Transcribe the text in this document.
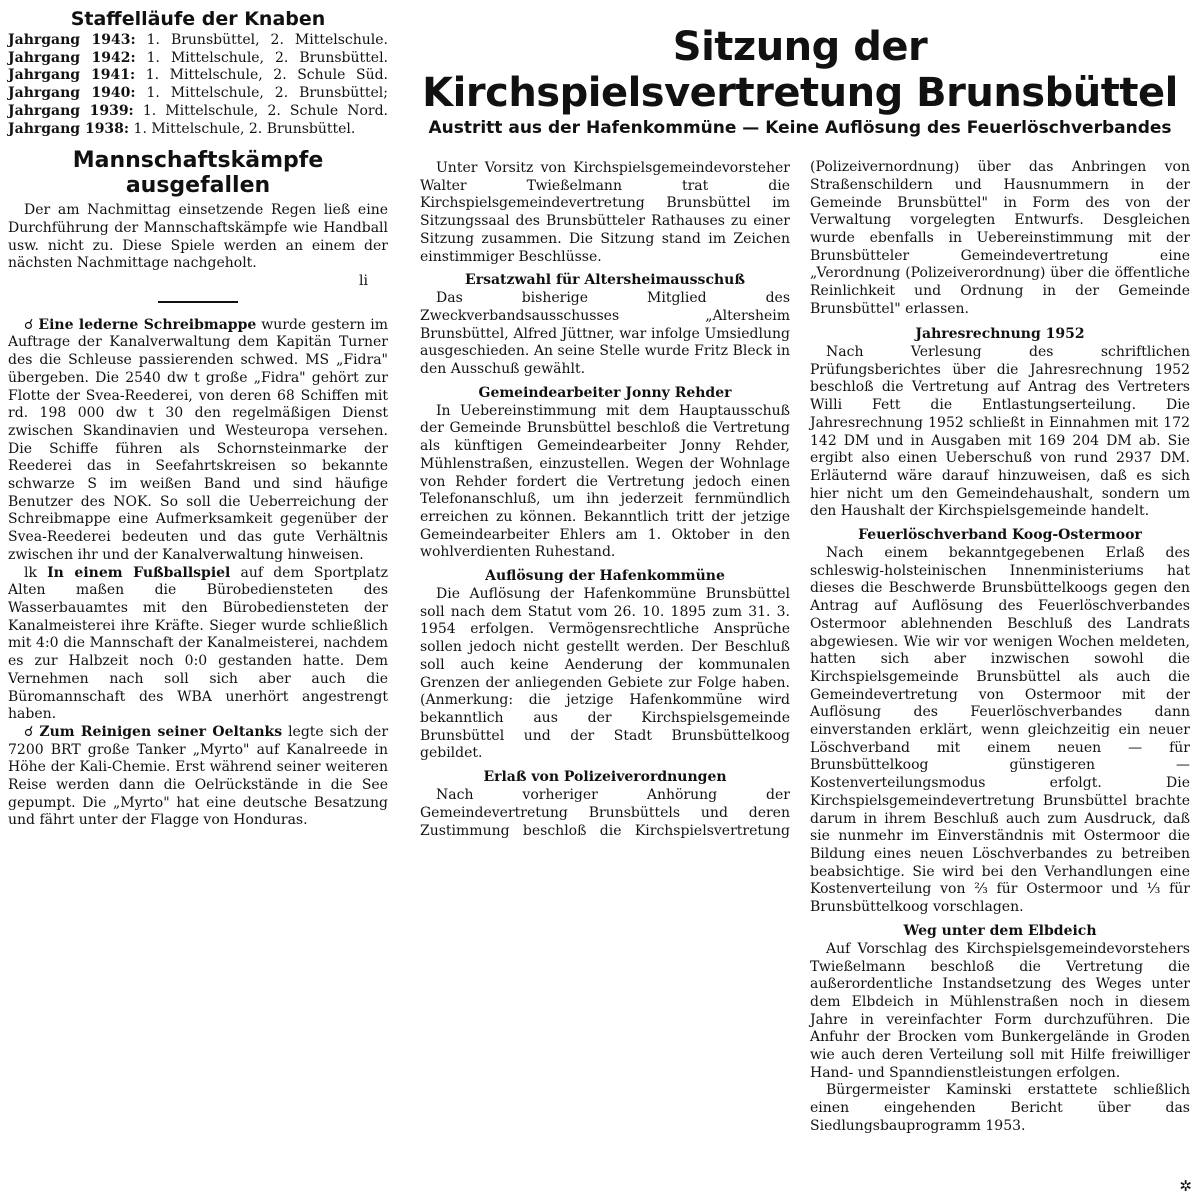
Staffelläufe der Knaben

Jahrgang 1943: 1. Brunsbüttel, 2. Mittelschule. Jahrgang 1942: 1. Mittelschule, 2. Brunsbüttel. Jahrgang 1941: 1. Mittelschule, 2. Schule Süd. Jahrgang 1940: 1. Mittelschule, 2. Brunsbüttel; Jahrgang 1939: 1. Mittelschule, 2. Schule Nord. Jahrgang 1938: 1. Mittelschule, 2. Brunsbüttel.

Mannschaftskämpfe ausgefallen

Der am Nachmittag einsetzende Regen ließ eine Durchführung der Mannschaftskämpfe wie Handball usw. nicht zu. Diese Spiele werden an einem der nächsten Nachmittage nachgeholt.

li

☌ Eine lederne Schreibmappe wurde gestern im Auftrage der Kanalverwaltung dem Kapitän Turner des die Schleuse passierenden schwed. MS „Fidra" übergeben. Die 2540 dw t große „Fidra" gehört zur Flotte der Svea-Reederei, von deren 68 Schiffen mit rd. 198 000 dw t 30 den regelmäßigen Dienst zwischen Skandinavien und Westeuropa versehen. Die Schiffe führen als Schornsteinmarke der Reederei das in Seefahrtskreisen so bekannte schwarze S im weißen Band und sind häufige Benutzer des NOK. So soll die Ueberreichung der Schreibmappe eine Aufmerksamkeit gegenüber der Svea-Reederei bedeuten und das gute Verhältnis zwischen ihr und der Kanalverwaltung hinweisen.

lk In einem Fußballspiel auf dem Sportplatz Alten maßen die Bürobediensteten des Wasserbauamtes mit den Bürobediensteten der Kanalmeisterei ihre Kräfte. Sieger wurde schließlich mit 4:0 die Mannschaft der Kanalmeisterei, nachdem es zur Halbzeit noch 0:0 gestanden hatte. Dem Vernehmen nach soll sich aber auch die Büromannschaft des WBA unerhört angestrengt haben.

☌ Zum Reinigen seiner Oeltanks legte sich der 7200 BRT große Tanker „Myrto" auf Kanalreede in Höhe der Kali-Chemie. Erst während seiner weiteren Reise werden dann die Oelrückstände in die See gepumpt. Die „Myrto" hat eine deutsche Besatzung und fährt unter der Flagge von Honduras.

Sitzung der
Kirchspielsvertretung Brunsbüttel
Austritt aus der Hafenkommüne — Keine Auflösung des Feuerlöschverbandes

Unter Vorsitz von Kirchspielsgemeindevorsteher Walter Twießelmann trat die Kirchspielsgemeindevertretung Brunsbüttel im Sitzungssaal des Brunsbütteler Rathauses zu einer Sitzung zusammen. Die Sitzung stand im Zeichen einstimmiger Beschlüsse.

Ersatzwahl für Altersheimausschuß

Das bisherige Mitglied des Zweckverbandsausschusses „Altersheim Brunsbüttel, Alfred Jüttner, war infolge Umsiedlung ausgeschieden. An seine Stelle wurde Fritz Bleck in den Ausschuß gewählt.

Gemeindearbeiter Jonny Rehder

In Uebereinstimmung mit dem Hauptausschuß der Gemeinde Brunsbüttel beschloß die Vertretung als künftigen Gemeindearbeiter Jonny Rehder, Mühlenstraßen, einzustellen. Wegen der Wohnlage von Rehder fordert die Vertretung jedoch einen Telefonanschluß, um ihn jederzeit fernmündlich erreichen zu können. Bekanntlich tritt der jetzige Gemeindearbeiter Ehlers am 1. Oktober in den wohlverdienten Ruhestand.

Auflösung der Hafenkommüne

Die Auflösung der Hafenkommüne Brunsbüttel soll nach dem Statut vom 26. 10. 1895 zum 31. 3. 1954 erfolgen. Vermögensrechtliche Ansprüche sollen jedoch nicht gestellt werden. Der Beschluß soll auch keine Aenderung der kommunalen Grenzen der anliegenden Gebiete zur Folge haben. (Anmerkung: die jetzige Hafenkommüne wird bekanntlich aus der Kirchspielsgemeinde Brunsbüttel und der Stadt Brunsbüttelkoog gebildet.

Erlaß von Polizeiverordnungen

Nach vorheriger Anhörung der Gemeindevertretung Brunsbüttels und deren Zustimmung beschloß die Kirchspielsvertretung

(Polizeivernordnung) über das Anbringen von Straßenschildern und Hausnummern in der Gemeinde Brunsbüttel" in Form des von der Verwaltung vorgelegten Entwurfs. Desgleichen wurde ebenfalls in Uebereinstimmung mit der Brunsbütteler Gemeindevertretung eine „Verordnung (Polizeiverordnung) über die öffentliche Reinlichkeit und Ordnung in der Gemeinde Brunsbüttel" erlassen.

Jahresrechnung 1952

Nach Verlesung des schriftlichen Prüfungsberichtes über die Jahresrechnung 1952 beschloß die Vertretung auf Antrag des Vertreters Willi Fett die Entlastungserteilung. Die Jahresrechnung 1952 schließt in Einnahmen mit 172 142 DM und in Ausgaben mit 169 204 DM ab. Sie ergibt also einen Ueberschuß von rund 2937 DM. Erläuternd wäre darauf hinzuweisen, daß es sich hier nicht um den Gemeindehaushalt, sondern um den Haushalt der Kirchspielsgemeinde handelt.

Feuerlöschverband Koog-Ostermoor

Nach einem bekanntgegebenen Erlaß des schleswig-holsteinischen Innenministeriums hat dieses die Beschwerde Brunsbüttelkoogs gegen den Antrag auf Auflösung des Feuerlöschverbandes Ostermoor ablehnenden Beschluß des Landrats abgewiesen. Wie wir vor wenigen Wochen meldeten, hatten sich aber inzwischen sowohl die Kirchspielsgemeinde Brunsbüttel als auch die Gemeindevertretung von Ostermoor mit der Auflösung des Feuerlöschverbandes dann einverstanden erklärt, wenn gleichzeitig ein neuer Löschverband mit einem neuen — für Brunsbüttelkoog günstigeren — Kostenverteilungsmodus erfolgt. Die Kirchspielsgemeindevertretung Brunsbüttel brachte darum in ihrem Beschluß auch zum Ausdruck, daß sie nunmehr im Einverständnis mit Ostermoor die Bildung eines neuen Löschverbandes zu betreiben beabsichtige. Sie wird bei den Verhandlungen eine Kostenverteilung von ⅔ für Ostermoor und ⅓ für Brunsbüttelkoog vorschlagen.

Weg unter dem Elbdeich

Auf Vorschlag des Kirchspielsgemeindevorstehers Twießelmann beschloß die Vertretung die außerordentliche Instandsetzung des Weges unter dem Elbdeich in Mühlenstraßen noch in diesem Jahre in vereinfachter Form durchzuführen. Die Anfuhr der Brocken vom Bunkergelände in Groden wie auch deren Verteilung soll mit Hilfe freiwilliger Hand- und Spanndienstleistungen erfolgen.

Bürgermeister Kaminski erstattete schließlich einen eingehenden Bericht über das Siedlungsbauprogramm 1953.

✲
